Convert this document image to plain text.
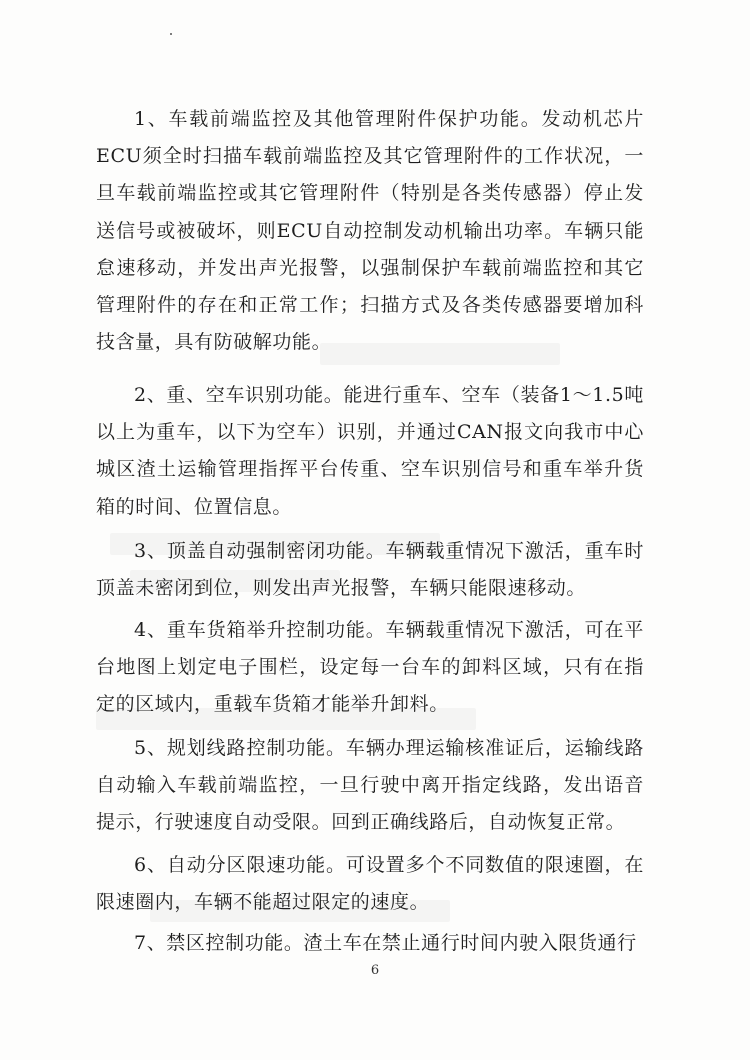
1、车载前端监控及其他管理附件保护功能。发动机芯片ECU须全时扫描车载前端监控及其它管理附件的工作状况，一旦车载前端监控或其它管理附件（特别是各类传感器）停止发送信号或被破坏，则ECU自动控制发动机输出功率。车辆只能怠速移动，并发出声光报警，以强制保护车载前端监控和其它管理附件的存在和正常工作；扫描方式及各类传感器要增加科技含量，具有防破解功能。

2、重、空车识别功能。能进行重车、空车（装备1～1.5吨以上为重车，以下为空车）识别，并通过CAN报文向我市中心城区渣土运输管理指挥平台传重、空车识别信号和重车举升货箱的时间、位置信息。

3、顶盖自动强制密闭功能。车辆载重情况下激活，重车时顶盖未密闭到位，则发出声光报警，车辆只能限速移动。

4、重车货箱举升控制功能。车辆载重情况下激活，可在平台地图上划定电子围栏，设定每一台车的卸料区域，只有在指定的区域内，重载车货箱才能举升卸料。

5、规划线路控制功能。车辆办理运输核准证后，运输线路自动输入车载前端监控，一旦行驶中离开指定线路，发出语音提示，行驶速度自动受限。回到正确线路后，自动恢复正常。

6、自动分区限速功能。可设置多个不同数值的限速圈，在限速圈内，车辆不能超过限定的速度。

7、禁区控制功能。渣土车在禁止通行时间内驶入限货通行

6
